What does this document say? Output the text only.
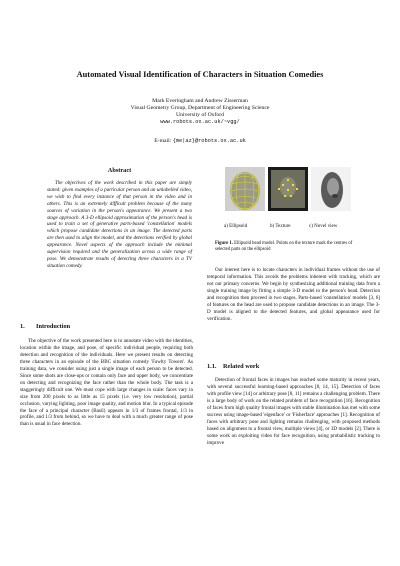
Automated Visual Identification of Characters in Situation Comedies
Mark Everingham and Andrew Zisserman
Visual Geometry Group, Department of Engineering Science
University of Oxford
www.robots.ox.ac.uk/~vgg/
E-mail: {me|az}@robots.ox.ac.uk
Abstract

The objectives of the work described in this paper are simply stated: given examples of a particular person and an unlabelled video, we wish to find every instance of that person in the video and in others. This is an extremely difficult problem because of the many sources of variation in the person's appearance. We present a two stage approach. A 3-D ellipsoid approximation of the person's head is used to train a set of generative parts-based 'constellation' models which propose candidate detections in an image. The detected parts are then used to align the model, and the detections verified by global appearance. Novel aspects of the approach include the minimal supervision required and the generalization across a wide range of pose. We demonstrate results of detecting three characters in a TV situation comedy.

1. Introduction

The objective of the work presented here is to annotate video with the identities, location within the image, and pose, of specific individual people, requiring both detection and recognition of the individuals. Here we present results on detecting three characters in an episode of the BBC situation comedy 'Fawlty Towers'. As training data, we consider using just a single image of each person to be detected. Since some shots are close-ups or contain only face and upper body, we concentrate on detecting and recognizing the face rather than the whole body. The task is a staggeringly difficult one. We must cope with large changes in scale: faces vary in size from 200 pixels to as little as 15 pixels (i.e. very low resolution), partial occlusion, varying lighting, poor image quality, and motion blur. In a typical episode the face of a principal character (Basil) appears in 1/3 of frames frontal, 1/3 in profile, and 1/3 from behind, so we have to deal with a much greater range of pose than is usual in face detection.

a) Ellipsoid	b) Texture	c) Novel view

Figure 1. Ellipsoid head model. Points on the texture mark the centres of selected parts on the ellipsoid

Our interest here is to locate characters in individual frames without the use of temporal information. This avoids the problems inherent with tracking, which are not our primary concerns. We begin by synthesizing additional training data from a single training image by fitting a simple 3-D model to the person's head. Detection and recognition then proceed in two stages. Parts-based 'constellation' models [3, 6] of features on the head are used to propose candidate detections in an image. The 3-D model is aligned to the detected features, and global appearance used for verification.

1.1. Related work

Detection of frontal faces in images has reached some maturity in recent years, with several successful learning-based approaches [8, 14, 15]. Detection of faces with profile view [14] or arbitrary pose [8, 11] remains a challenging problem. There is a large body of work on the related problem of face recognition [16]. Recognition of faces from high quality frontal images with stable illumination has met with some success using image-based 'eigenface' or 'Fisherface' approaches [1]. Recognition of faces with arbitrary pose and lighting remains challenging, with proposed methods based on alignment to a frontal view, multiple views [4], or 3D models [2]. There is some work on exploiting video for face recognition, using probabilistic tracking to improve
